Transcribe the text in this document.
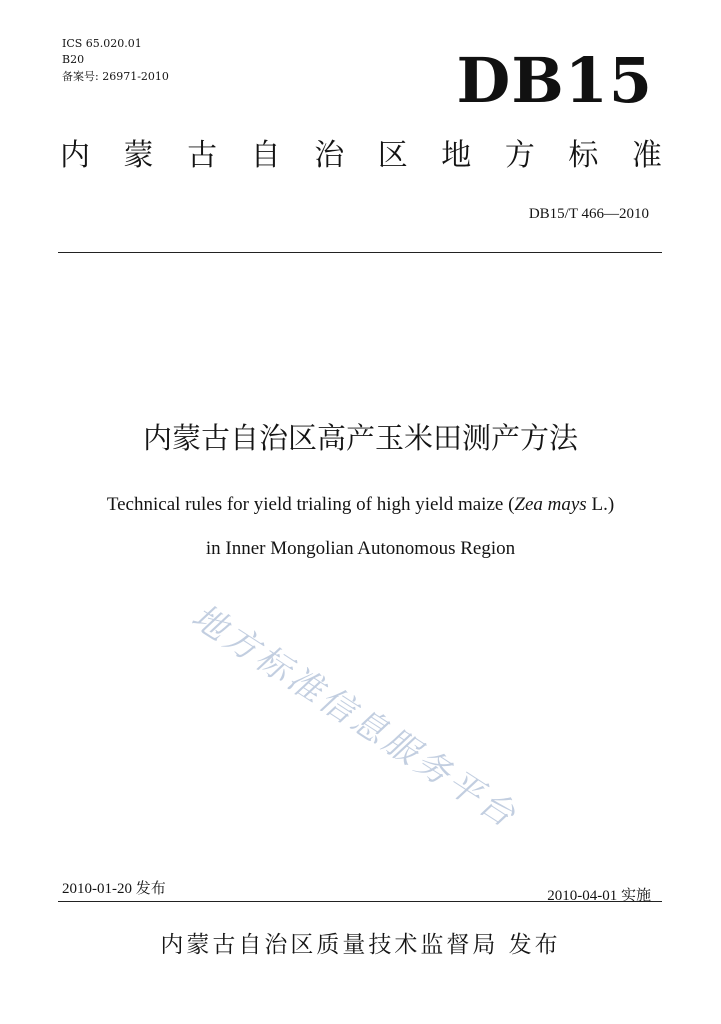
ICS 65.020.01
B20
备案号: 26971-2010	DB15
内 蒙 古 自 治 区 地 方 标 准
DB15/T 466—2010
内蒙古自治区高产玉米田测产方法
Technical rules for yield trialing of high yield maize (Zea mays L.)
in Inner Mongolian Autonomous Region
地方标准信息服务平台
2010-01-20 发布	2010-04-01 实施
内蒙古自治区质量技术监督局 发布
